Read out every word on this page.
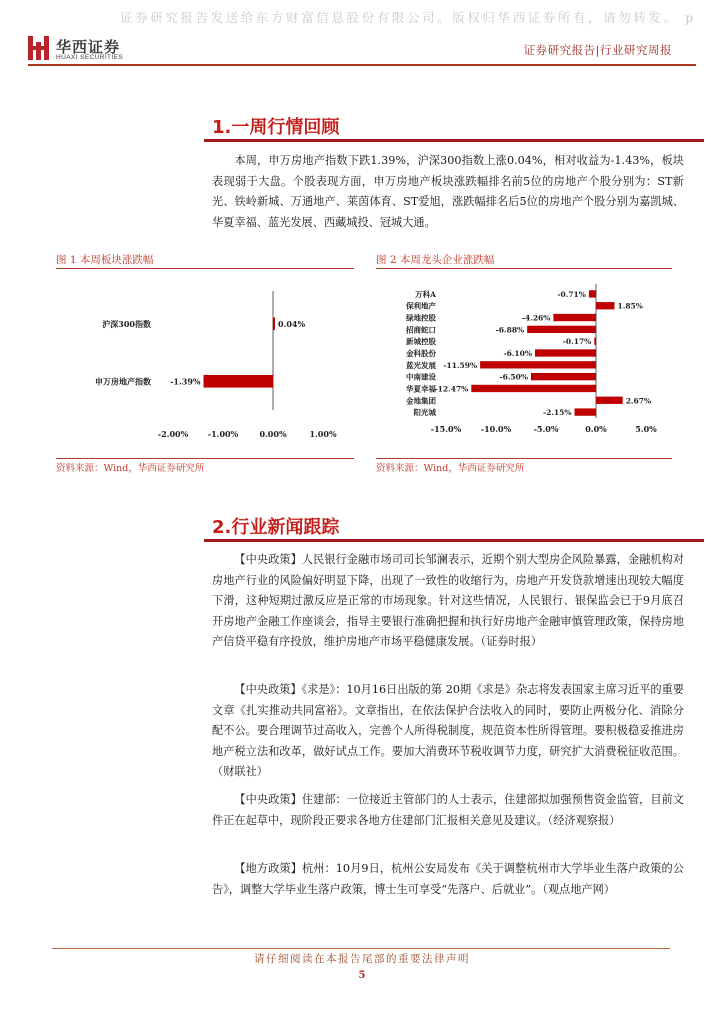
证券研究报告发送给东方财富信息股份有限公司。版权归华西证券所有，请勿转发。 p
华西证券
HUAXI SECURITIES
证券研究报告|行业研究周报
1.一周行情回顾
本周，申万房地产指数下跌1.39%，沪深300指数上涨0.04%，相对收益为-1.43%，板块表现弱于大盘。个股表现方面，申万房地产板块涨跌幅排名前5位的房地产个股分别为：ST新光、铁岭新城、万通地产、莱茵体育、ST爱旭，涨跌幅排名后5位的房地产个股分别为嘉凯城、华夏幸福、蓝光发展、西藏城投、冠城大通。
图 1 本周板块涨跌幅
沪深300指数	0.04%
申万房地产指数 -1.39%
-2.00% -1.00%	0.00%	1.00%
资料来源：Wind，华西证券研究所
图 2 本周龙头企业涨跌幅
万科A	-0.71%
保利地产	1.85%
绿地控股	-4.26%
招商蛇口	-6.88%
新城控股	-0.17%
金科股份	-6.10%
蓝光发展 -11.59%
中南建设	-6.50%
华夏幸福
-12.47%
金地集团	2.67%
阳光城	-2.15%
-15.0% -10.0%	-5.0%	0.0%	5.0%
资料来源：Wind，华西证券研究所
2.行业新闻跟踪
【中央政策】人民银行金融市场司司长邹澜表示，近期个别大型房企风险暴露，金融机构对房地产行业的风险偏好明显下降，出现了一致性的收缩行为，房地产开发贷款增速出现较大幅度下滑，这种短期过激反应是正常的市场现象。针对这些情况，人民银行、银保监会已于9月底召开房地产金融工作座谈会，指导主要银行准确把握和执行好房地产金融审慎管理政策，保持房地产信贷平稳有序投放，维护房地产市场平稳健康发展。（证券时报）
【中央政策】《求是》：10月16日出版的第 20期《求是》杂志将发表国家主席习近平的重要文章《扎实推动共同富裕》。文章指出，在依法保护合法收入的同时，要防止两极分化、消除分配不公。要合理调节过高收入，完善个人所得税制度，规范资本性所得管理。要积极稳妥推进房地产税立法和改革，做好试点工作。要加大消费环节税收调节力度，研究扩大消费税征收范围。（财联社）
【中央政策】住建部：一位接近主管部门的人士表示，住建部拟加强预售资金监管，目前文件正在起草中，现阶段正要求各地方住建部门汇报相关意见及建议。（经济观察报）
【地方政策】杭州：10月9日，杭州公安局发布《关于调整杭州市大学毕业生落户政策的公告》，调整大学毕业生落户政策，博士生可享受“先落户、后就业”。（观点地产网）
请仔细阅读在本报告尾部的重要法律声明
5
